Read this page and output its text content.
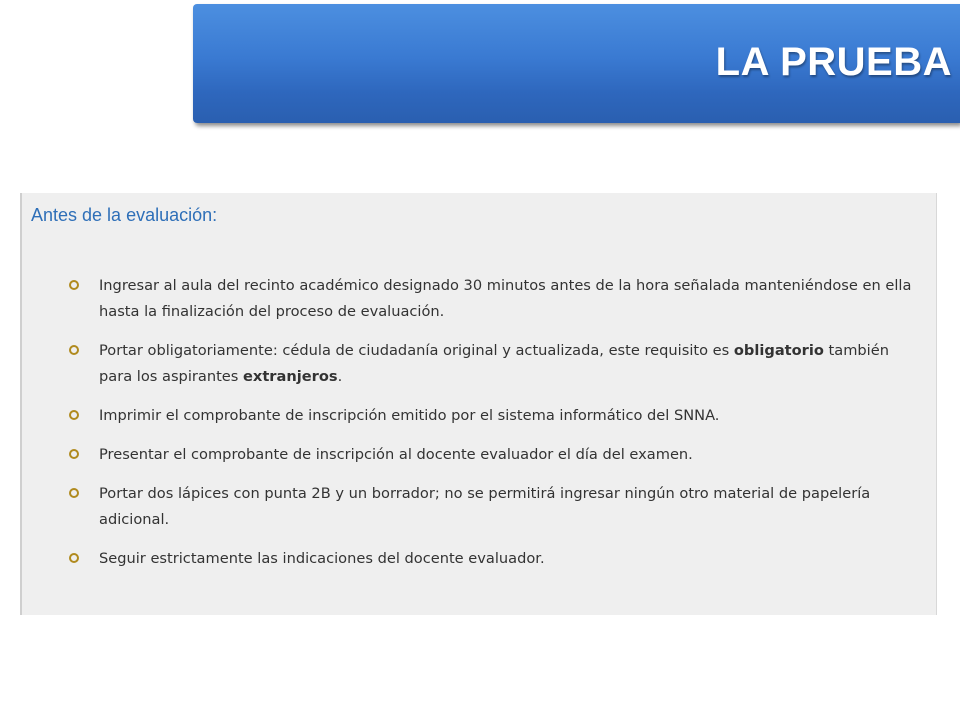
LA PRUEBA
Antes de la evaluación:
Ingresar al aula del recinto académico designado 30 minutos antes de la hora señalada manteniéndose en ella hasta la finalización del proceso de evaluación.
Portar obligatoriamente: cédula de ciudadanía original y actualizada, este requisito es obligatorio también para los aspirantes extranjeros.
Imprimir el comprobante de inscripción emitido por el sistema informático del SNNA.
Presentar el comprobante de inscripción al docente evaluador el día del examen.
Portar dos lápices con punta 2B y un borrador; no se permitirá ingresar ningún otro material de papelería adicional.
Seguir estrictamente las indicaciones del docente evaluador.
